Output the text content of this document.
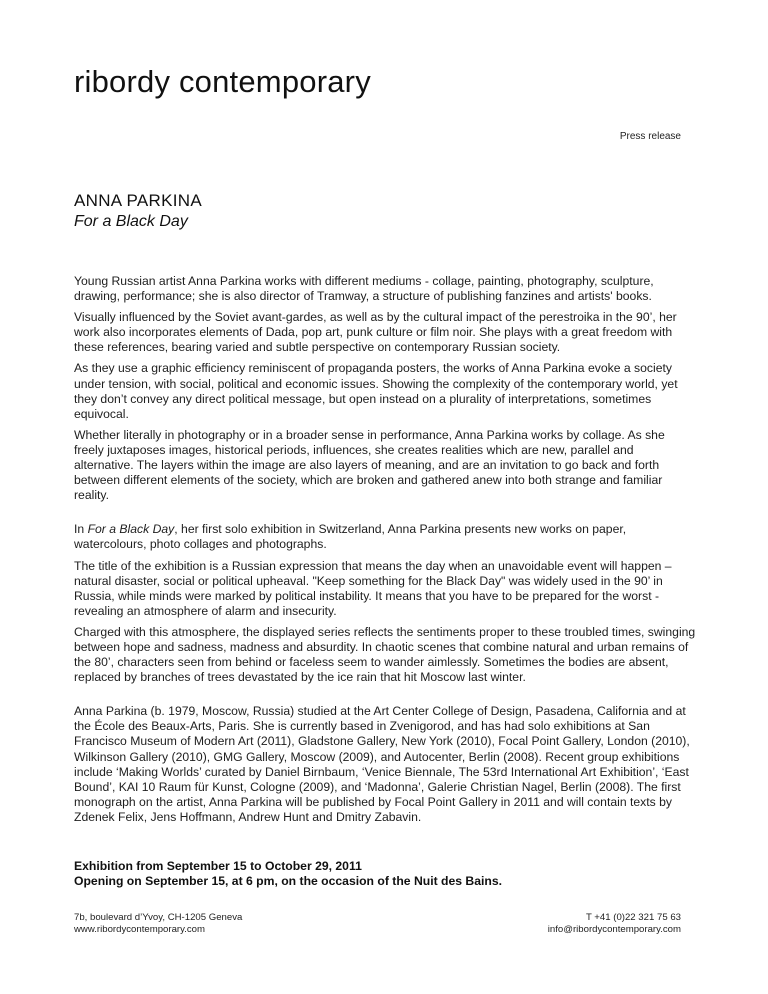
ribordy contemporary
Press release
ANNA PARKINA
For a Black Day

Young Russian artist Anna Parkina works with different mediums - collage, painting, photography, sculpture, drawing, performance; she is also director of Tramway, a structure of publishing fanzines and artists' books.

Visually influenced by the Soviet avant-gardes, as well as by the cultural impact of the perestroika in the 90’, her work also incorporates elements of Dada, pop art, punk culture or film noir. She plays with a great freedom with these references, bearing varied and subtle perspective on contemporary Russian society.

As they use a graphic efficiency reminiscent of propaganda posters, the works of Anna Parkina evoke a society under tension, with social, political and economic issues. Showing the complexity of the contemporary world, yet they don’t convey any direct political message, but open instead on a plurality of interpretations, sometimes equivocal.

Whether literally in photography or in a broader sense in performance, Anna Parkina works by collage. As she freely juxtaposes images, historical periods, influences, she creates realities which are new, parallel and alternative. The layers within the image are also layers of meaning, and are an invitation to go back and forth between different elements of the society, which are broken and gathered anew into both strange and familiar reality.

In For a Black Day, her first solo exhibition in Switzerland, Anna Parkina presents new works on paper, watercolours, photo collages and photographs.

The title of the exhibition is a Russian expression that means the day when an unavoidable event will happen – natural disaster, social or political upheaval. "Keep something for the Black Day" was widely used in the 90’ in Russia, while minds were marked by political instability. It means that you have to be prepared for the worst - revealing an atmosphere of alarm and insecurity.

Charged with this atmosphere, the displayed series reflects the sentiments proper to these troubled times, swinging between hope and sadness, madness and absurdity. In chaotic scenes that combine natural and urban remains of the 80’, characters seen from behind or faceless seem to wander aimlessly. Sometimes the bodies are absent, replaced by branches of trees devastated by the ice rain that hit Moscow last winter.

Anna Parkina (b. 1979, Moscow, Russia) studied at the Art Center College of Design, Pasadena, California and at the École des Beaux-Arts, Paris. She is currently based in Zvenigorod, and has had solo exhibitions at San Francisco Museum of Modern Art (2011), Gladstone Gallery, New York (2010), Focal Point Gallery, London (2010), Wilkinson Gallery (2010), GMG Gallery, Moscow (2009), and Autocenter, Berlin (2008). Recent group exhibitions include ‘Making Worlds’ curated by Daniel Birnbaum, ‘Venice Biennale, The 53rd International Art Exhibition’, ‘East Bound’, KAI 10 Raum für Kunst, Cologne (2009), and ‘Madonna’, Galerie Christian Nagel, Berlin (2008). The first monograph on the artist, Anna Parkina will be published by Focal Point Gallery in 2011 and will contain texts by Zdenek Felix, Jens Hoffmann, Andrew Hunt and Dmitry Zabavin.

Exhibition from September 15 to October 29, 2011
Opening on September 15, at 6 pm, on the occasion of the Nuit des Bains.
7b, boulevard d’Yvoy, CH-1205 Geneva
www.ribordycontemporary.com
T +41 (0)22 321 75 63
info@ribordycontemporary.com
